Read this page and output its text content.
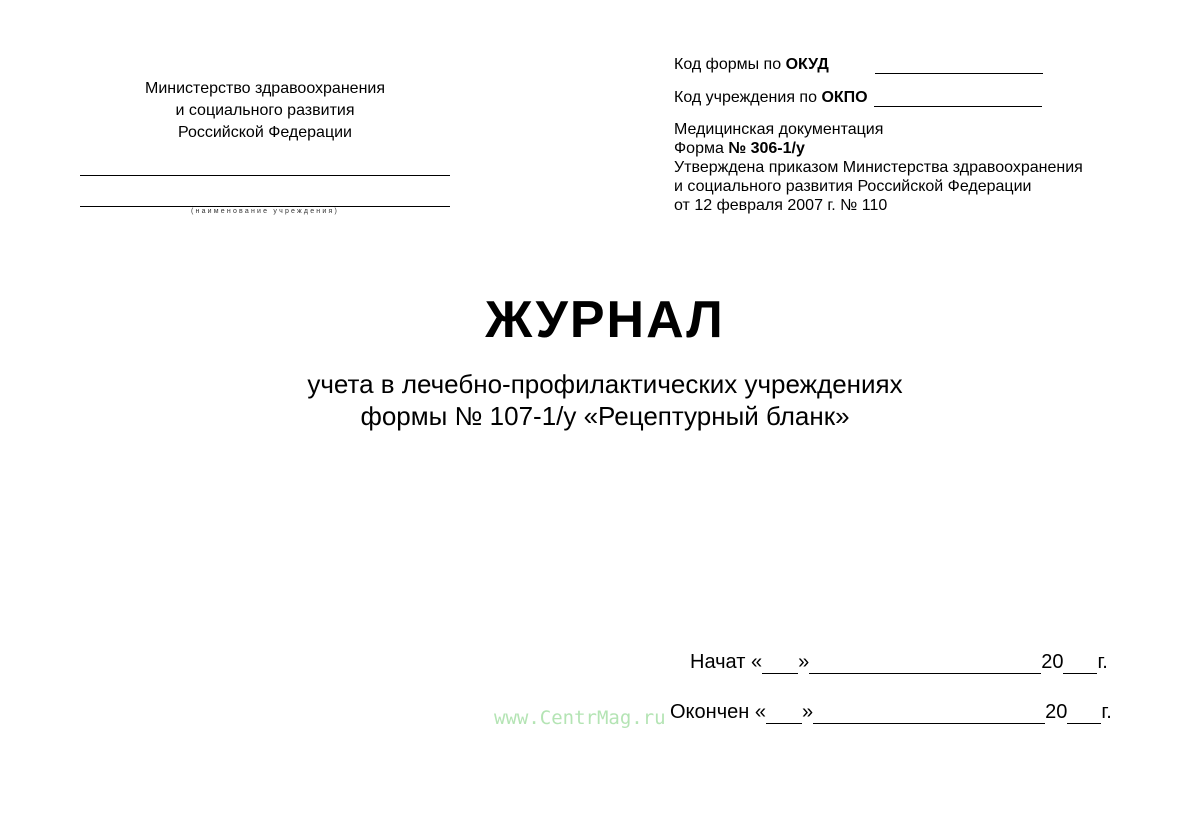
Министерство здравоохранения
и социального развития
Российской Федерации
(наименование учреждения)
Код формы по ОКУД
Код учреждения по ОКПО
Медицинская документация
Форма № 306-1/у
Утверждена приказом Министерства здравоохранения
и социального развития Российской Федерации
от 12 февраля 2007 г. № 110
ЖУРНАЛ
учета в лечебно-профилактических учреждениях
формы № 107-1/у «Рецептурный бланк»
Начат « »	20 г.
Окончен « »	20 г.
www.CentrMag.ru
